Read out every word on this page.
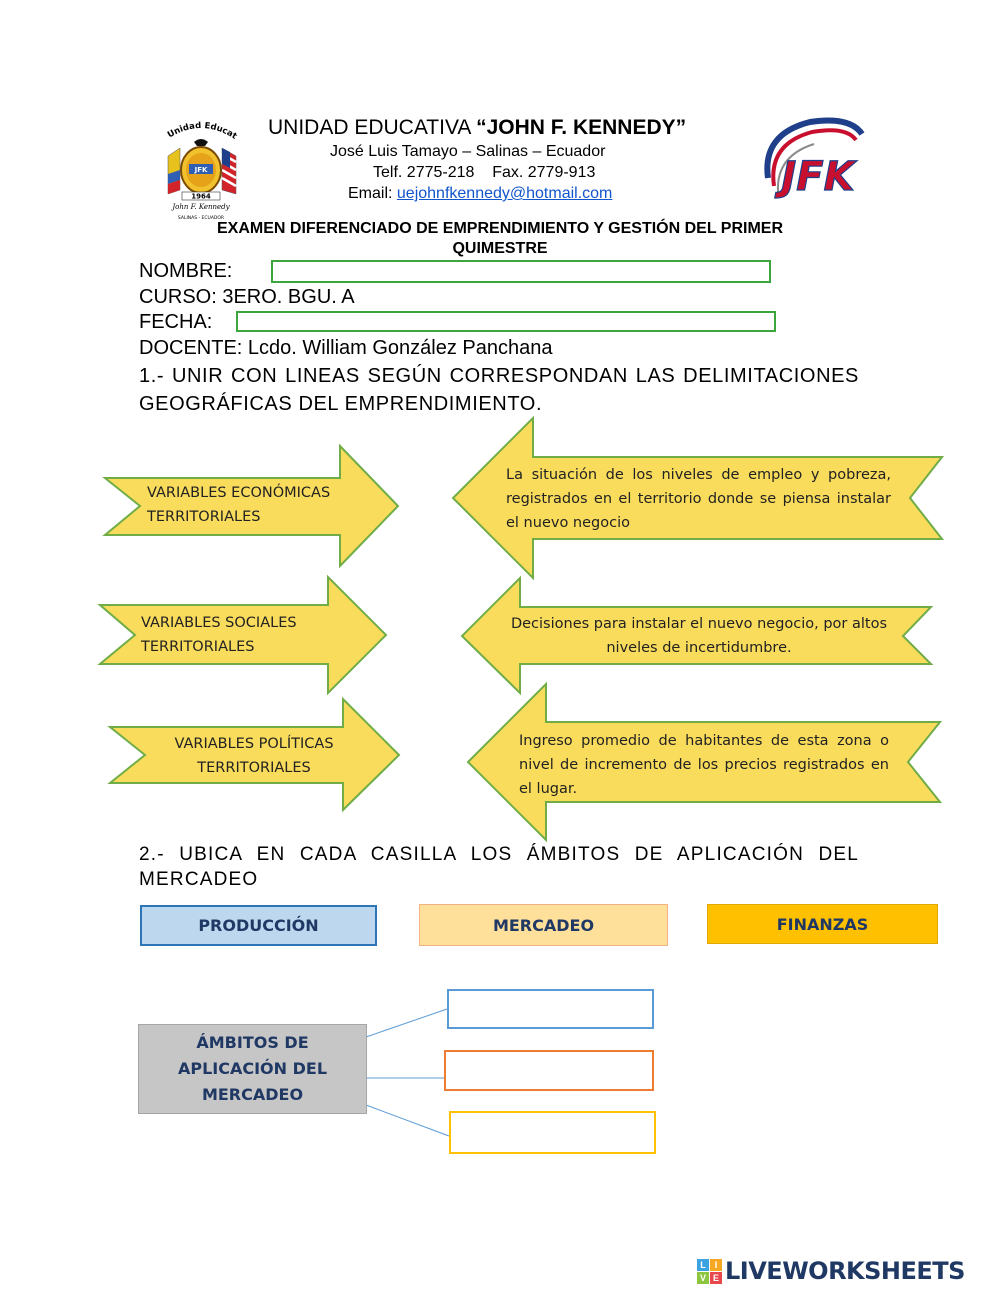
Unidad Educat
JFK
1964
John F. Kennedy
SALINAS - ECUADOR
UNIDAD EDUCATIVA “JOHN F. KENNEDY”
José Luis Tamayo – Salinas – Ecuador
Telf. 2775-218    Fax. 2779-913
Email: uejohnfkennedy@hotmail.com	JFK
EXAMEN DIFERENCIADO DE EMPRENDIMIENTO Y GESTIÓN DEL PRIMER QUIMESTRE
NOMBRE:
CURSO: 3ERO. BGU. A
FECHA:
DOCENTE: Lcdo. William González Panchana
1.- UNIR CON LINEAS SEGÚN CORRESPONDAN LAS DELIMITACIONES GEOGRÁFICAS DEL EMPRENDIMIENTO.
VARIABLES ECONÓMICAS TERRITORIALES
VARIABLES SOCIALES TERRITORIALES
VARIABLES POLÍTICAS TERRITORIALES
La situación de los niveles de empleo y pobreza, registrados en el territorio donde se piensa instalar el nuevo negocio
Decisiones para instalar el nuevo negocio, por altos niveles de incertidumbre.
Ingreso promedio de habitantes de esta zona o nivel de incremento de los precios registrados en el lugar.
2.- UBICA EN CADA CASILLA LOS ÁMBITOS DE APLICACIÓN DEL MERCADEO
PRODUCCIÓN	MERCADEO	FINANZAS
ÁMBITOS DE APLICACIÓN DEL MERCADEO
L I
V E LIVEWORKSHEETS
